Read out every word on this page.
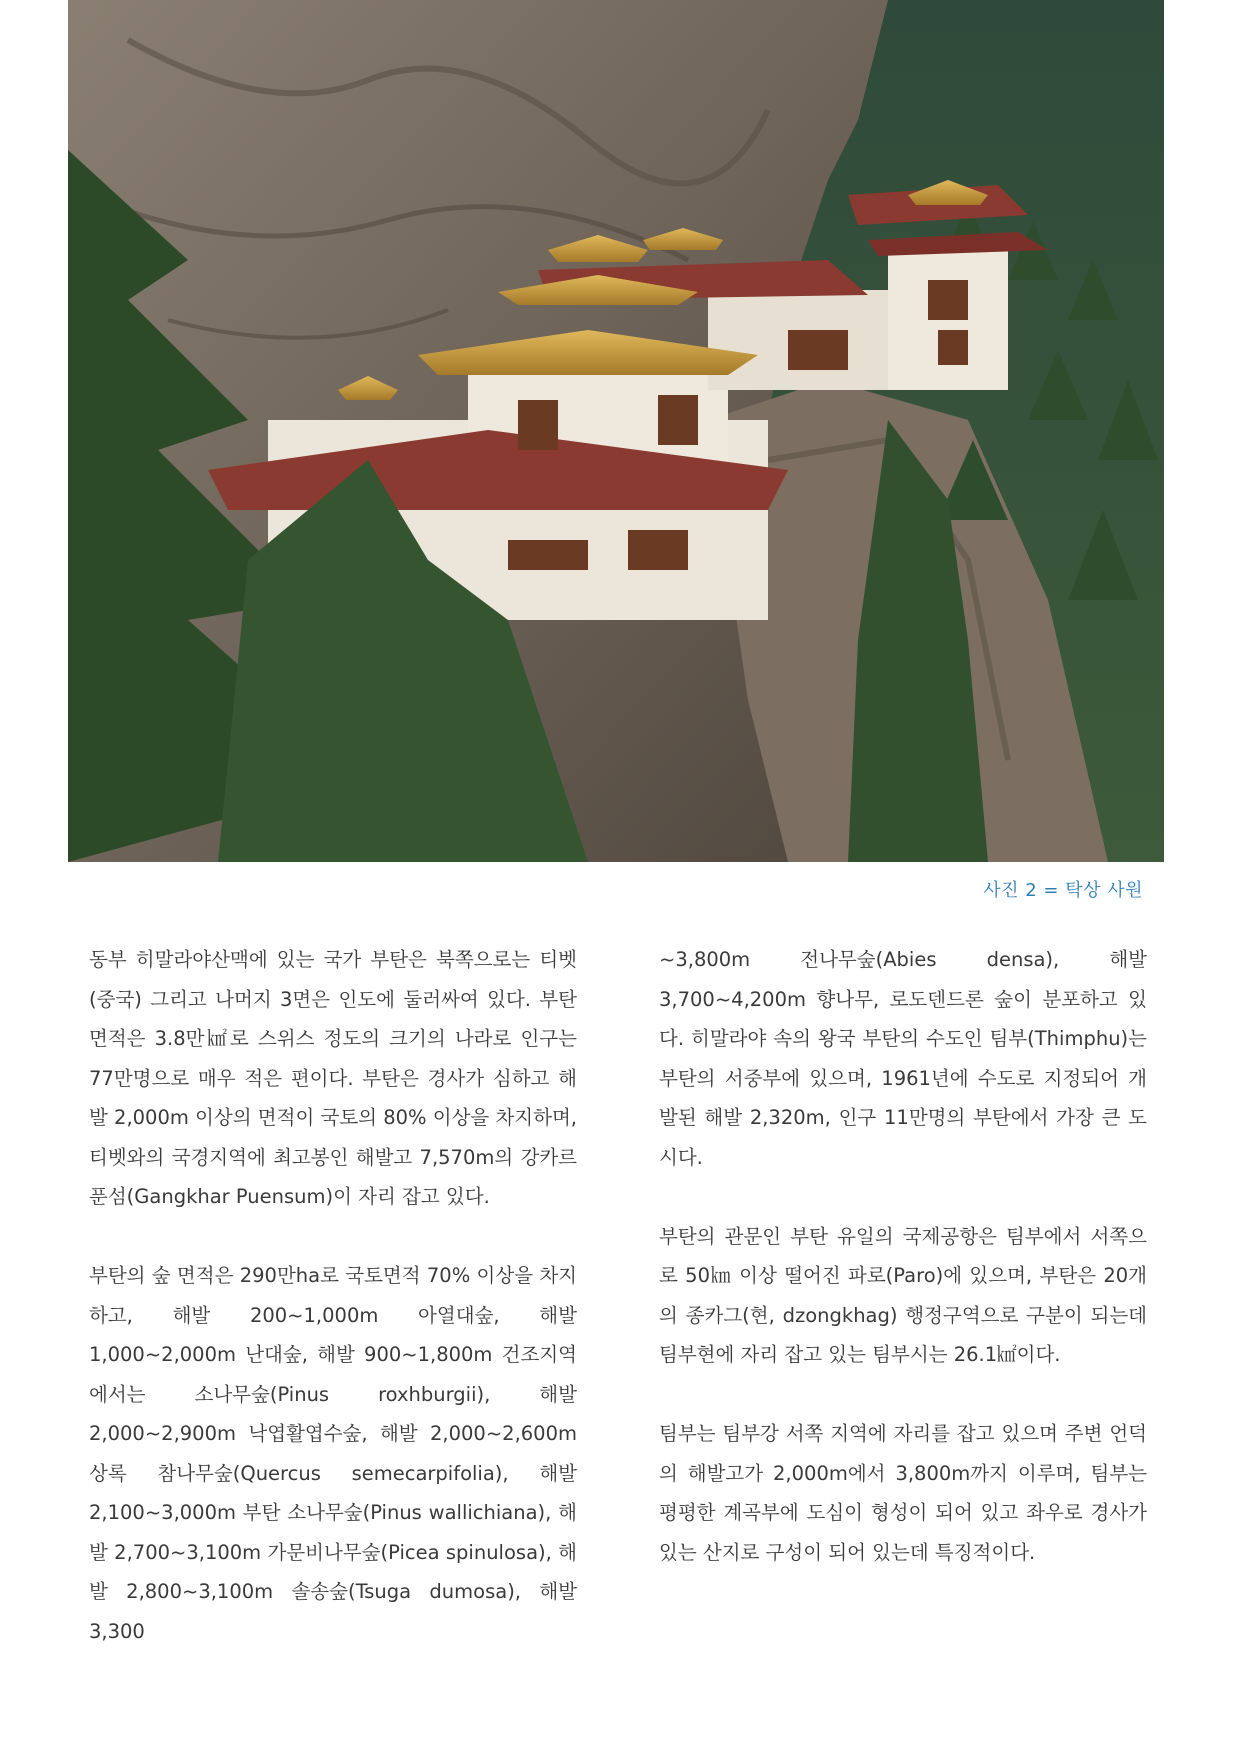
사진 2 = 탁상 사원

동부 히말라야산맥에 있는 국가 부탄은 북쪽으로는 티벳(중국) 그리고 나머지 3면은 인도에 둘러싸여 있다. 부탄 면적은 3.8만㎢로 스위스 정도의 크기의 나라로 인구는 77만명으로 매우 적은 편이다. 부탄은 경사가 심하고 해발 2,000m 이상의 면적이 국토의 80% 이상을 차지하며, 티벳와의 국경지역에 최고봉인 해발고 7,570m의 강카르푼섬(Gangkhar Puensum)이 자리 잡고 있다.

부탄의 숲 면적은 290만ha로 국토면적 70% 이상을 차지하고, 해발 200~1,000m 아열대숲, 해발 1,000~2,000m 난대숲, 해발 900~1,800m 건조지역에서는 소나무숲(Pinus roxhburgii), 해발 2,000~2,900m 낙엽활엽수숲, 해발 2,000~2,600m 상록 참나무숲(Quercus semecarpifolia), 해발 2,100~3,000m 부탄 소나무숲(Pinus wallichiana), 해발 2,700~3,100m 가문비나무숲(Picea spinulosa), 해발 2,800~3,100m 솔송숲(Tsuga dumosa), 해발 3,300

~3,800m 전나무숲(Abies densa), 해발 3,700~4,200m 향나무, 로도덴드론 숲이 분포하고 있다. 히말라야 속의 왕국 부탄의 수도인 팀부(Thimphu)는 부탄의 서중부에 있으며, 1961년에 수도로 지정되어 개발된 해발 2,320m, 인구 11만명의 부탄에서 가장 큰 도시다.

부탄의 관문인 부탄 유일의 국제공항은 팀부에서 서쪽으로 50㎞ 이상 떨어진 파로(Paro)에 있으며, 부탄은 20개의 종카그(현, dzongkhag) 행정구역으로 구분이 되는데 팀부현에 자리 잡고 있는 팀부시는 26.1㎢이다.

팀부는 팀부강 서쪽 지역에 자리를 잡고 있으며 주변 언덕의 해발고가 2,000m에서 3,800m까지 이루며, 팀부는 평평한 계곡부에 도심이 형성이 되어 있고 좌우로 경사가 있는 산지로 구성이 되어 있는데 특징적이다.
